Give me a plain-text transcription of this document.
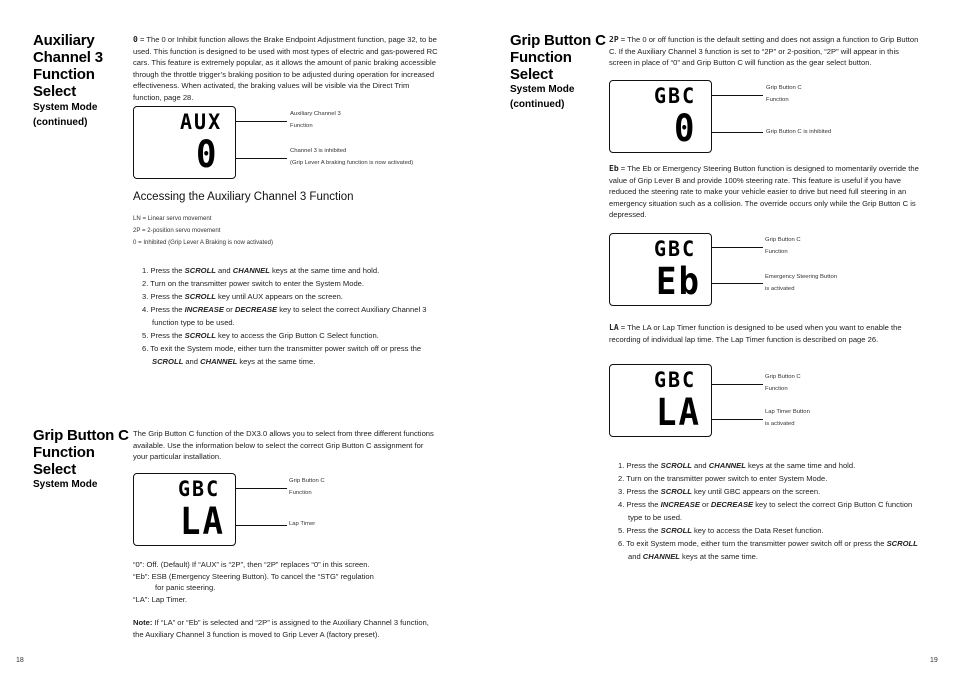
Auxiliary
Channel 3
Function
Select
System Mode
(continued)
0 = The 0 or Inhibit function allows the Brake Endpoint Adjustment function, page 32, to be used. This function is designed to be used with most types of electric and gas-powered RC cars. This feature is extremely popular, as it allows the amount of panic braking accessible through the throttle trigger’s braking position to be adjusted during operation for increased effectiveness. When activated, the braking values will be visible via the Direct Trim function, page 28.
AUX
0
Auxiliary Channel 3
Function
Channel 3 is inhibited
(Grip Lever A braking function is now activated)
Accessing the Auxiliary Channel 3 Function
LN = Linear servo movement
2P = 2-position servo movement
0 = Inhibited (Grip Lever A Braking is now activated)
1. Press the SCROLL and CHANNEL keys at the same time and hold.
2. Turn on the transmitter power switch to enter the System Mode.
3. Press the SCROLL key until AUX appears on the screen.
4. Press the INCREASE or DECREASE key to select the correct Auxiliary Channel 3
function type to be used.
5. Press the SCROLL key to access the Grip Button C Select function.
6. To exit the System mode, either turn the transmitter power switch off or press the
SCROLL and CHANNEL keys at the same time.
Grip Button C
Function
Select
System Mode
The Grip Button C function of the DX3.0 allows you to select from three different functions available. Use the information below to select the correct Grip Button C assignment for your particular installation.
GBC
LA
Grip Button C
Function
Lap Timer
“0”: Off. (Default) If “AUX” is “2P”, then “2P” replaces “0” in this screen.
“Eb”: ESB (Emergency Steering Button). To cancel the “STG” regulation
for panic steering.
“LA”: Lap Timer.
Note: If “LA” or “Eb” is selected and “2P” is assigned to the Auxiliary Channel 3 function, the Auxiliary Channel 3 function is moved to Grip Lever A (factory preset).
18
Grip Button C
Function
Select
System Mode
(continued)
2P = The 0 or off function is the default setting and does not assign a function to Grip Button C. If the Auxiliary Channel 3 function is set to “2P” or 2-position, “2P” will appear in this screen in place of “0” and Grip Button C will function as the gear select button.
GBC
0
Grip Button C
Function
Grip Button C is inhibited
Eb = The Eb or Emergency Steering Button function is designed to momentarily override the value of Grip Lever B and provide 100% steering rate. This feature is useful if you have reduced the steering rate to make your vehicle easier to drive but need full steering in an emergency situation such as a collision. The override occurs only while the Grip Button C is depressed.
GBC
Eb
Grip Button C
Function
Emergency Steering Button
is activated
LA = The LA or Lap Timer function is designed to be used when you want to enable the recording of individual lap time. The Lap Timer function is described on page 26.
GBC
LA
Grip Button C
Function
Lap Timer Button
is activated
1. Press the SCROLL and CHANNEL keys at the same time and hold.
2. Turn on the transmitter power switch to enter System Mode.
3. Press the SCROLL key until GBC appears on the screen.
4. Press the INCREASE or DECREASE key to select the correct Grip Button C function
type to be used.
5. Press the SCROLL key to access the Data Reset function.
6. To exit System mode, either turn the transmitter power switch off or press the SCROLL
and CHANNEL keys at the same time.
19
